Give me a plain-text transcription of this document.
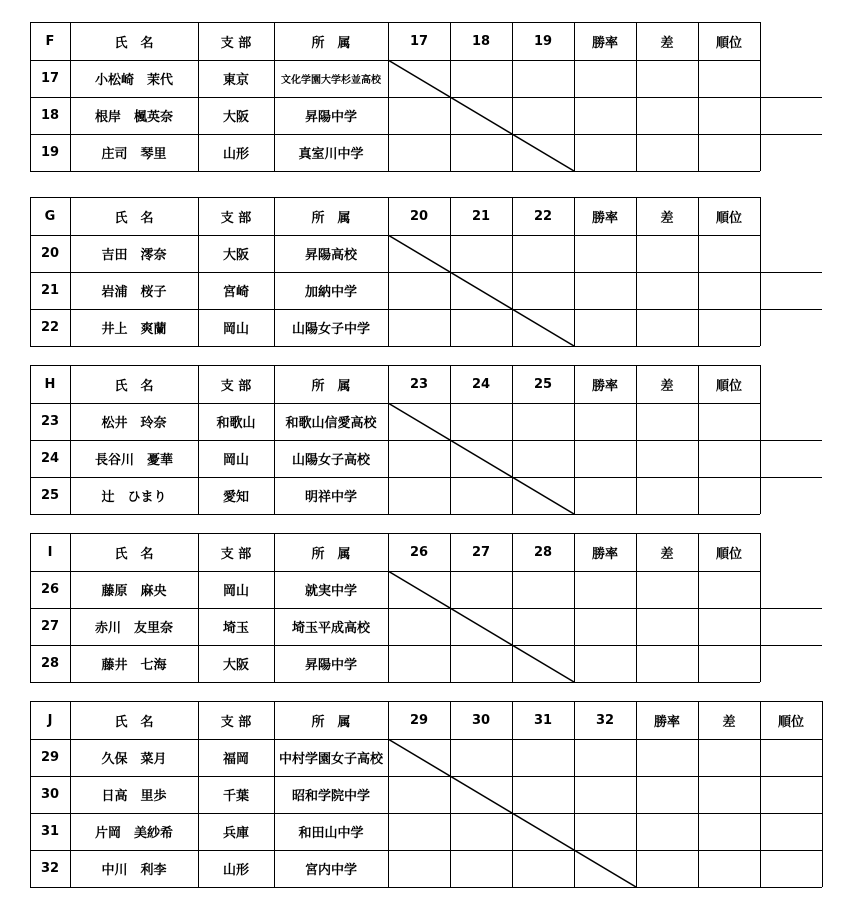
F	氏　名	支 部	所　属	17	18	19	勝率	差	順位
17	小松崎　茉代	東京	文化学園大学杉並高校
18	根岸　楓英奈	大阪	昇陽中学
19	庄司　琴里	山形	真室川中学
G	氏　名	支 部	所　属	20	21	22	勝率	差	順位
20	吉田　澪奈	大阪	昇陽高校
21	岩浦　桜子	宮崎	加納中学
22	井上　爽蘭	岡山	山陽女子中学
H	氏　名	支 部	所　属	23	24	25	勝率	差	順位
23	松井　玲奈	和歌山	和歌山信愛高校
24	長谷川　憂華	岡山	山陽女子高校
25	辻　ひまり	愛知	明祥中学
I	氏　名	支 部	所　属	26	27	28	勝率	差	順位
26	藤原　麻央	岡山	就実中学
27	赤川　友里奈	埼玉	埼玉平成高校
28	藤井　七海	大阪	昇陽中学
J	氏　名	支 部	所　属	29	30	31	32	勝率	差	順位
29	久保　菜月	福岡	中村学園女子高校
30	日高　里歩	千葉	昭和学院中学
31	片岡　美紗希	兵庫	和田山中学
32	中川　利李	山形	宮内中学
